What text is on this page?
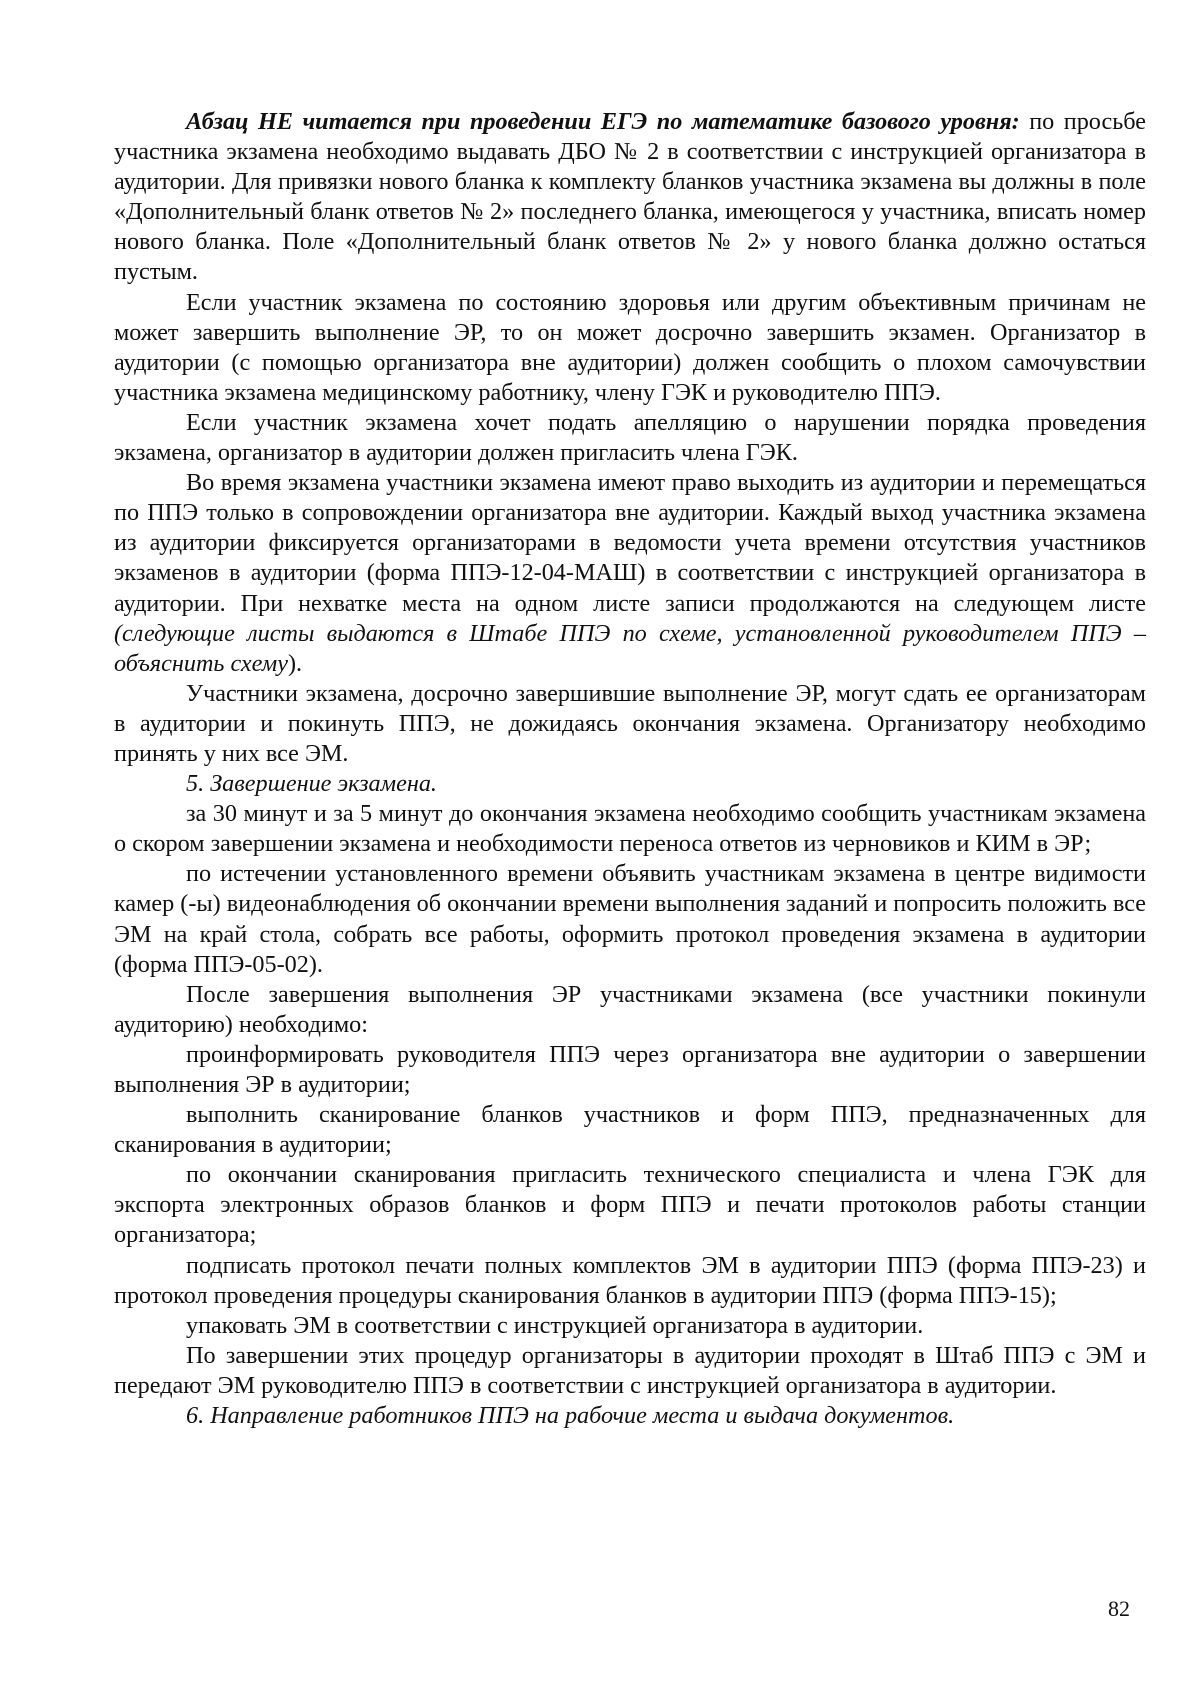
Абзац НЕ читается при проведении ЕГЭ по математике базового уровня: по просьбе участника экзамена необходимо выдавать ДБО № 2 в соответствии с инструкцией организатора в аудитории. Для привязки нового бланка к комплекту бланков участника экзамена вы должны в поле «Дополнительный бланк ответов № 2» последнего бланка, имеющегося у участника, вписать номер нового бланка. Поле «Дополнительный бланк ответов № 2» у нового бланка должно остаться пустым.

Если участник экзамена по состоянию здоровья или другим объективным причинам не может завершить выполнение ЭР, то он может досрочно завершить экзамен. Организатор в аудитории (с помощью организатора вне аудитории) должен сообщить о плохом самочувствии участника экзамена медицинскому работнику, члену ГЭК и руководителю ППЭ.

Если участник экзамена хочет подать апелляцию о нарушении порядка проведения экзамена, организатор в аудитории должен пригласить члена ГЭК.

Во время экзамена участники экзамена имеют право выходить из аудитории и перемещаться по ППЭ только в сопровождении организатора вне аудитории. Каждый выход участника экзамена из аудитории фиксируется организаторами в ведомости учета времени отсутствия участников экзаменов в аудитории (форма ППЭ-12-04-МАШ) в соответствии с инструкцией организатора в аудитории. При нехватке места на одном листе записи продолжаются на следующем листе (следующие листы выдаются в Штабе ППЭ по схеме, установленной руководителем ППЭ – объяснить схему).

Участники экзамена, досрочно завершившие выполнение ЭР, могут сдать ее организаторам в аудитории и покинуть ППЭ, не дожидаясь окончания экзамена. Организатору необходимо принять у них все ЭМ.

5. Завершение экзамена.

за 30 минут и за 5 минут до окончания экзамена необходимо сообщить участникам экзамена о скором завершении экзамена и необходимости переноса ответов из черновиков и КИМ в ЭР;

по истечении установленного времени объявить участникам экзамена в центре видимости камер (-ы) видеонаблюдения об окончании времени выполнения заданий и попросить положить все ЭМ на край стола, собрать все работы, оформить протокол проведения экзамена в аудитории (форма ППЭ-05-02).

После завершения выполнения ЭР участниками экзамена (все участники покинули аудиторию) необходимо:

проинформировать руководителя ППЭ через организатора вне аудитории о завершении выполнения ЭР в аудитории;

выполнить сканирование бланков участников и форм ППЭ, предназначенных для сканирования в аудитории;

по окончании сканирования пригласить технического специалиста и члена ГЭК для экспорта электронных образов бланков и форм ППЭ и печати протоколов работы станции организатора;

подписать протокол печати полных комплектов ЭМ в аудитории ППЭ (форма ППЭ-23) и протокол проведения процедуры сканирования бланков в аудитории ППЭ (форма ППЭ-15);

упаковать ЭМ в соответствии с инструкцией организатора в аудитории.

По завершении этих процедур организаторы в аудитории проходят в Штаб ППЭ с ЭМ и передают ЭМ руководителю ППЭ в соответствии с инструкцией организатора в аудитории.

6. Направление работников ППЭ на рабочие места и выдача документов.

82
